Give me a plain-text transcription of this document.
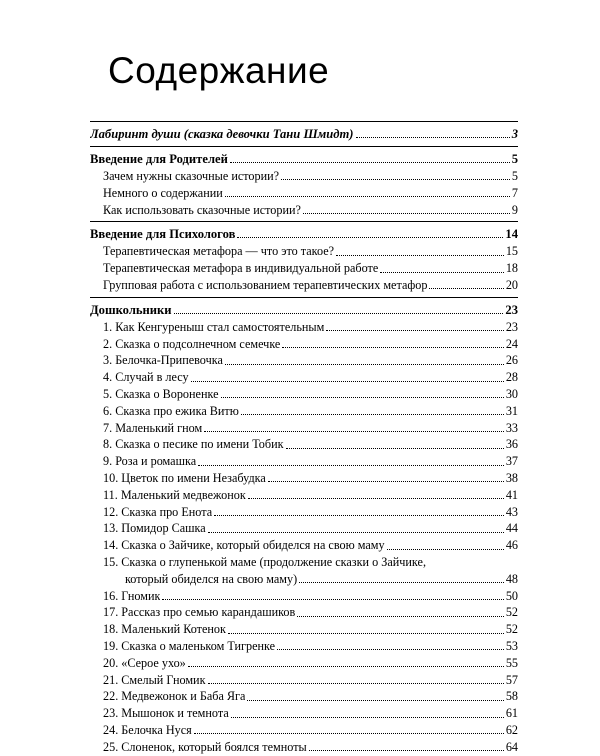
Содержание
Лабиринт души (сказка девочки Тани Шмидт)	3
Введение для Родителей	5
Зачем нужны сказочные истории?	5
Немного о содержании	7
Как использовать сказочные истории?	9
Введение для Психологов	14
Терапевтическая метафора — что это такое?	15
Терапевтическая метафора в индивидуальной работе	18
Групповая работа с использованием терапевтических метафор	20
Дошкольники	23
1. Как Кенгуреныш стал самостоятельным	23
2. Сказка о подсолнечном семечке	24
3. Белочка-Припевочка	26
4. Случай в лесу	28
5. Сказка о Вороненке	30
6. Сказка про ежика Витю	31
7. Маленький гном	33
8. Сказка о песике по имени Тобик	36
9. Роза и ромашка	37
10. Цветок по имени Незабудка	38
11. Маленький медвежонок	41
12. Сказка про Енота	43
13. Помидор Сашка	44
14. Сказка о Зайчике, который обиделся на свою маму	46
15. Сказка о глупенькой маме (продолжение сказки о Зайчике,
который обиделся на свою маму)	48
16. Гномик	50
17. Рассказ про семью карандашиков	52
18. Маленький Котенок	52
19. Сказка о маленьком Тигренке	53
20. «Серое ухо»	55
21. Смелый Гномик	57
22. Медвежонок и Баба Яга	58
23. Мышонок и темнота	61
24. Белочка Нуся	62
25. Слоненок, который боялся темноты	64
